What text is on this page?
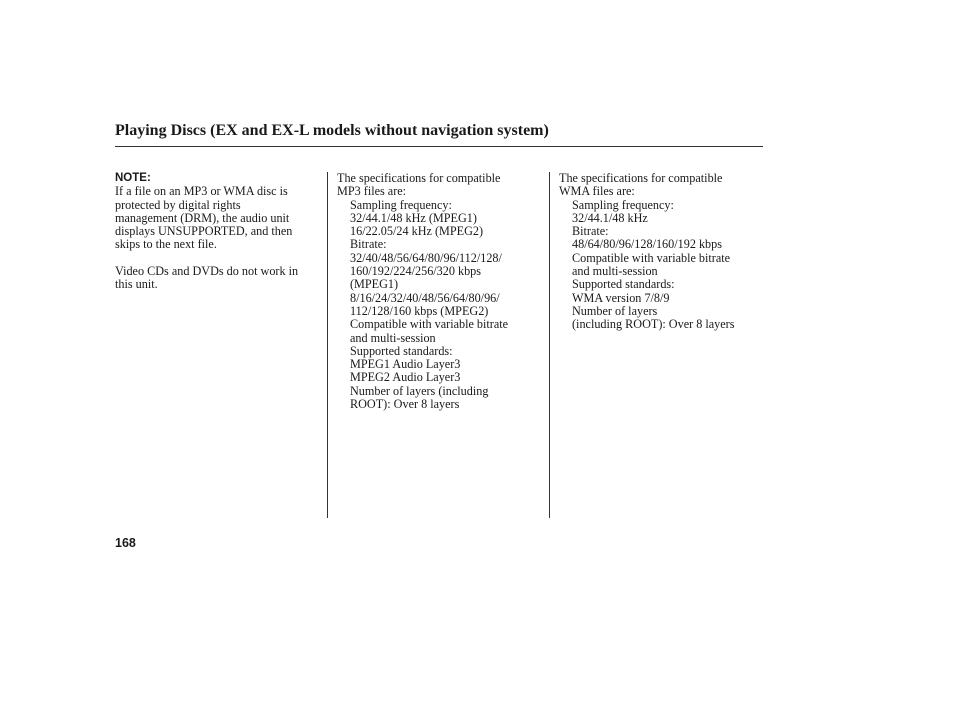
Playing Discs (EX and EX-L models without navigation system)
NOTE:
If a file on an MP3 or WMA disc is
protected by digital rights
management (DRM), the audio unit
displays UNSUPPORTED, and then
skips to the next file.
Video CDs and DVDs do not work in
this unit.
The specifications for compatible
MP3 files are:
Sampling frequency:
32/44.1/48 kHz (MPEG1)
16/22.05/24 kHz (MPEG2)
Bitrate:
32/40/48/56/64/80/96/112/128/
160/192/224/256/320 kbps
(MPEG1)
8/16/24/32/40/48/56/64/80/96/
112/128/160 kbps (MPEG2)
Compatible with variable bitrate
and multi-session
Supported standards:
MPEG1 Audio Layer3
MPEG2 Audio Layer3
Number of layers (including
ROOT): Over 8 layers
The specifications for compatible
WMA files are:
Sampling frequency:
32/44.1/48 kHz
Bitrate:
48/64/80/96/128/160/192 kbps
Compatible with variable bitrate
and multi-session
Supported standards:
WMA version 7/8/9
Number of layers
(including ROOT): Over 8 layers
168
